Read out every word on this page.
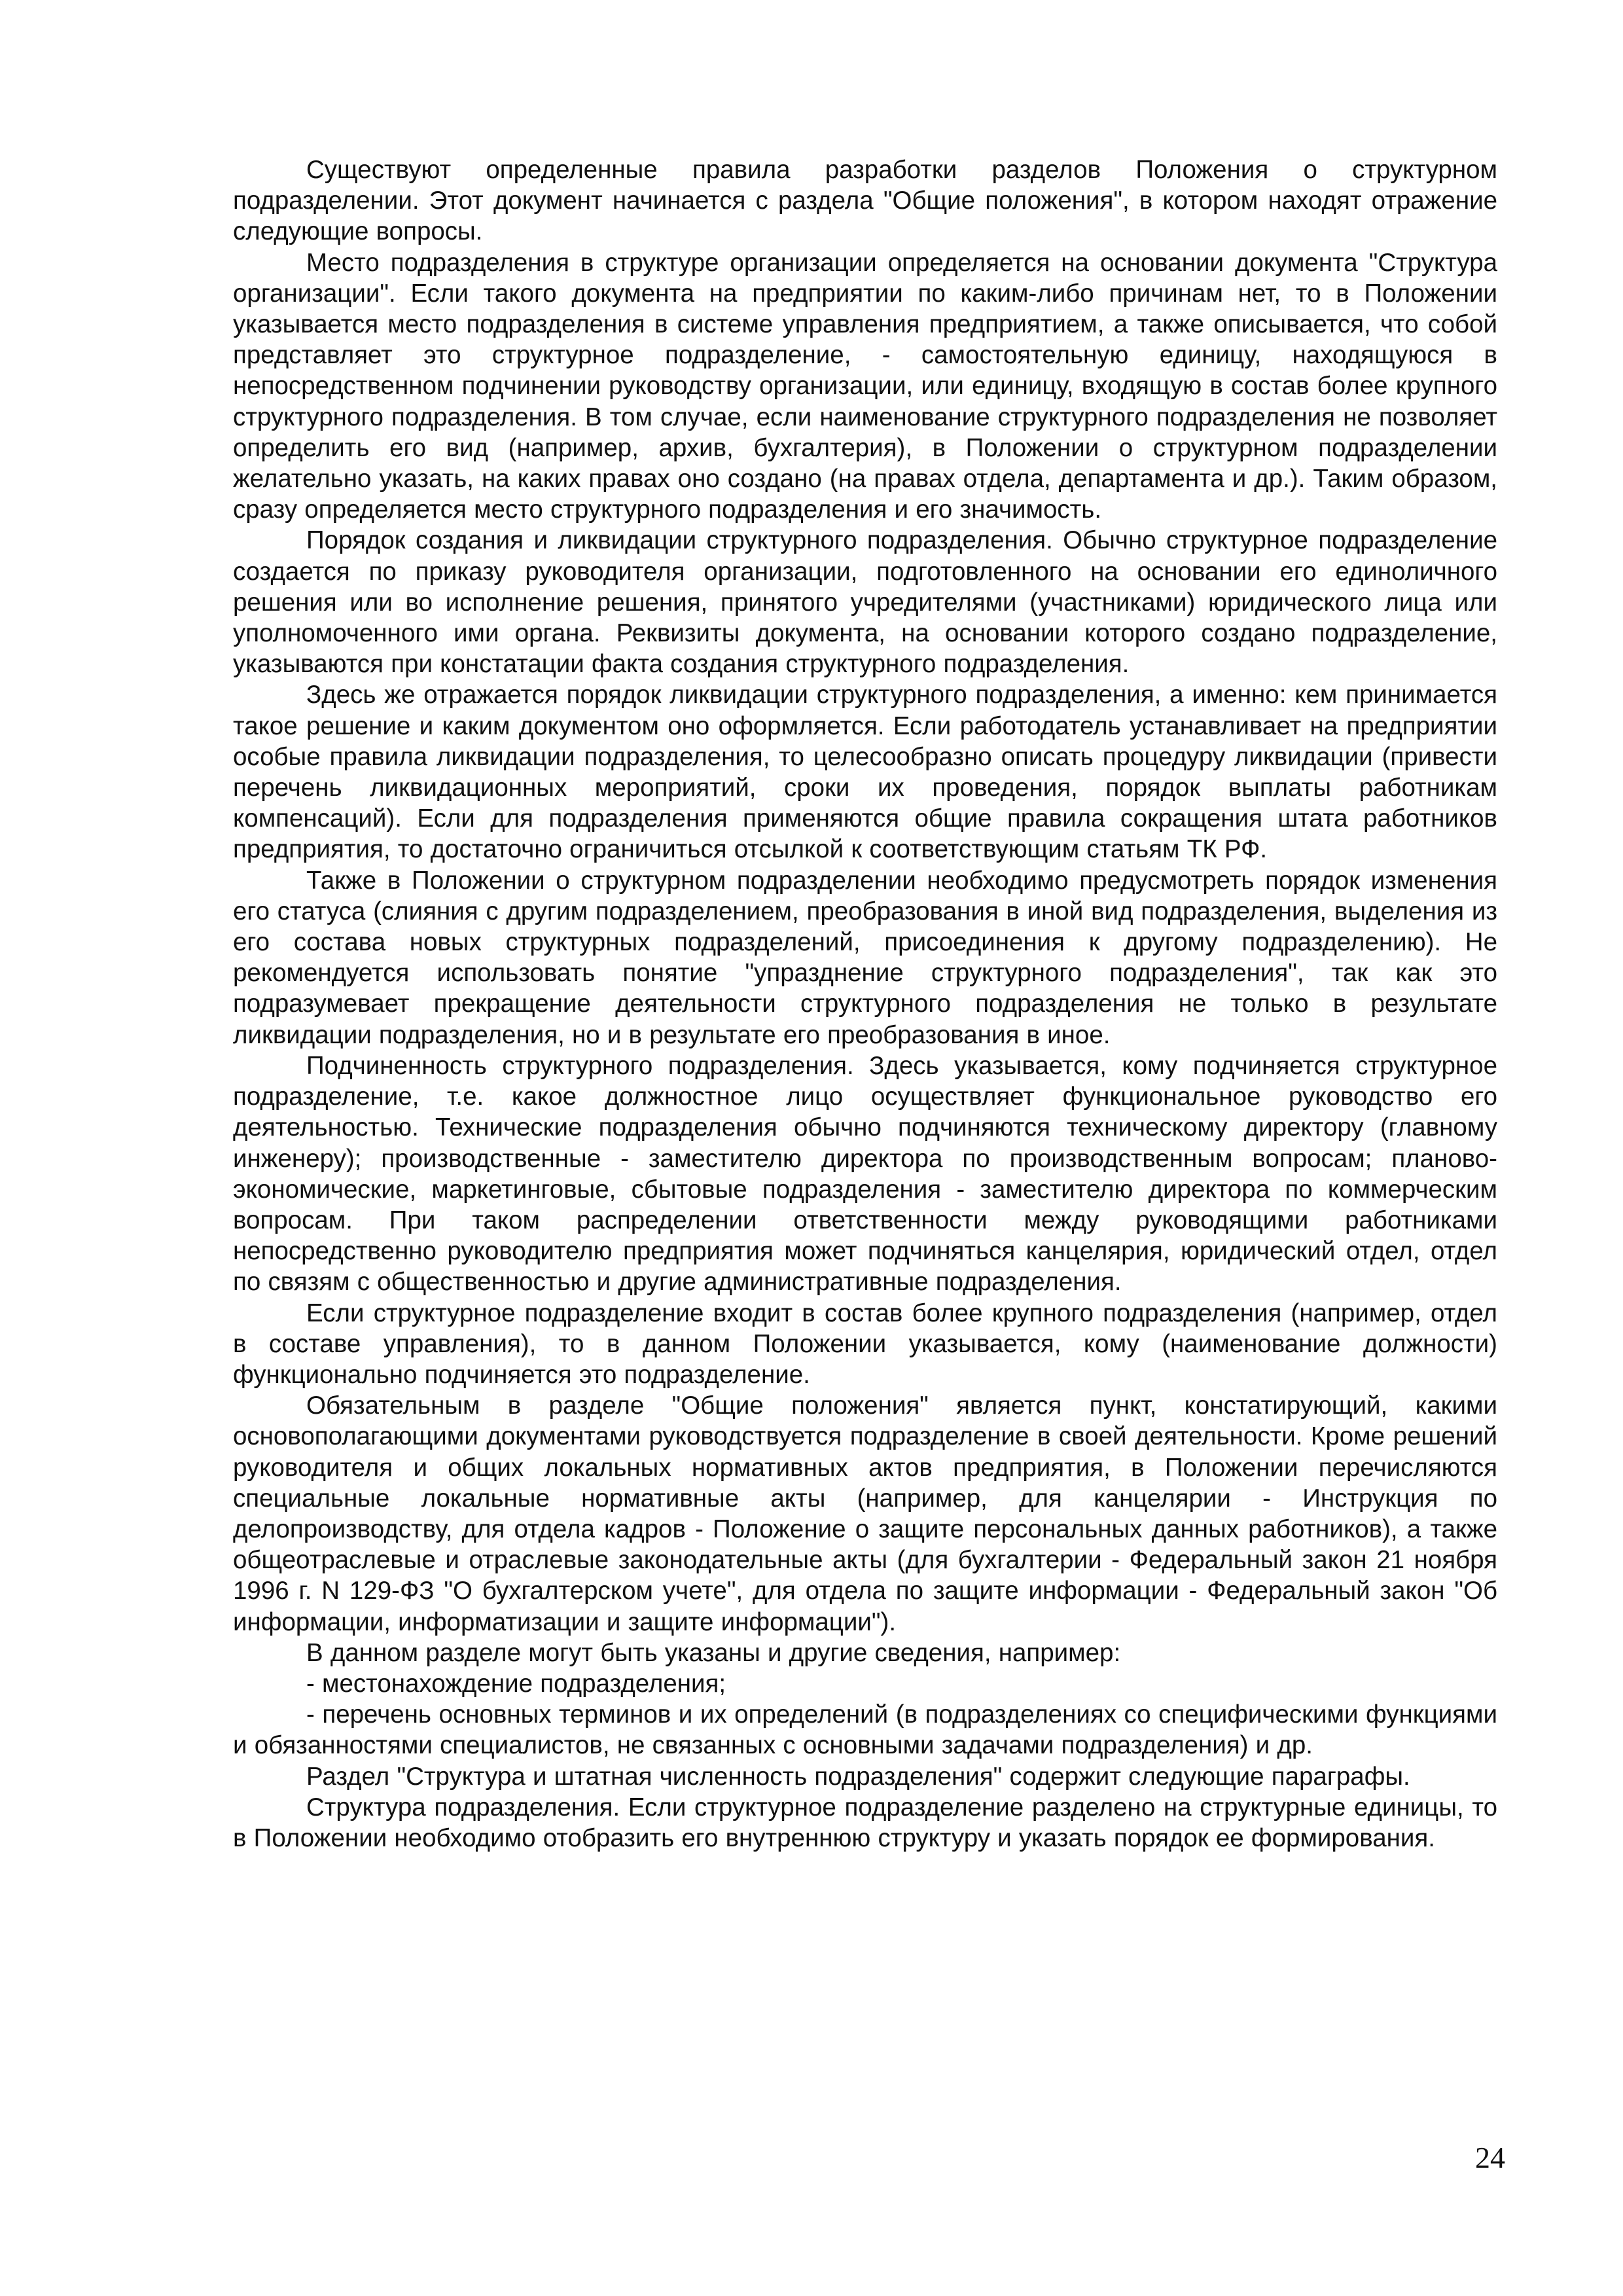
Существуют определенные правила разработки разделов Положения о структурном подразделении. Этот документ начинается с раздела "Общие положения", в котором находят отражение следующие вопросы.

Место подразделения в структуре организации определяется на основании документа "Структура организации". Если такого документа на предприятии по каким-либо причинам нет, то в Положении указывается место подразделения в системе управления предприятием, а также описывается, что собой представляет это структурное подразделение, - самостоятельную единицу, находящуюся в непосредственном подчинении руководству организации, или единицу, входящую в состав более крупного структурного подразделения. В том случае, если наименование структурного подразделения не позволяет определить его вид (например, архив, бухгалтерия), в Положении о структурном подразделении желательно указать, на каких правах оно создано (на правах отдела, департамента и др.). Таким образом, сразу определяется место структурного подразделения и его значимость.

Порядок создания и ликвидации структурного подразделения. Обычно структурное подразделение создается по приказу руководителя организации, подготовленного на основании его единоличного решения или во исполнение решения, принятого учредителями (участниками) юридического лица или уполномоченного ими органа. Реквизиты документа, на основании которого создано подразделение, указываются при констатации факта создания структурного подразделения.

Здесь же отражается порядок ликвидации структурного подразделения, а именно: кем принимается такое решение и каким документом оно оформляется. Если работодатель устанавливает на предприятии особые правила ликвидации подразделения, то целесообразно описать процедуру ликвидации (привести перечень ликвидационных мероприятий, сроки их проведения, порядок выплаты работникам компенсаций). Если для подразделения применяются общие правила сокращения штата работников предприятия, то достаточно ограничиться отсылкой к соответствующим статьям ТК РФ.

Также в Положении о структурном подразделении необходимо предусмотреть порядок изменения его статуса (слияния с другим подразделением, преобразования в иной вид подразделения, выделения из его состава новых структурных подразделений, присоединения к другому подразделению). Не рекомендуется использовать понятие "упразднение структурного подразделения", так как это подразумевает прекращение деятельности структурного подразделения не только в результате ликвидации подразделения, но и в результате его преобразования в иное.

Подчиненность структурного подразделения. Здесь указывается, кому подчиняется структурное подразделение, т.е. какое должностное лицо осуществляет функциональное руководство его деятельностью. Технические подразделения обычно подчиняются техническому директору (главному инженеру); производственные - заместителю директора по производственным вопросам; планово-экономические, маркетинговые, сбытовые подразделения - заместителю директора по коммерческим вопросам. При таком распределении ответственности между руководящими работниками непосредственно руководителю предприятия может подчиняться канцелярия, юридический отдел, отдел по связям с общественностью и другие административные подразделения.

Если структурное подразделение входит в состав более крупного подразделения (например, отдел в составе управления), то в данном Положении указывается, кому (наименование должности) функционально подчиняется это подразделение.

Обязательным в разделе "Общие положения" является пункт, констатирующий, какими основополагающими документами руководствуется подразделение в своей деятельности. Кроме решений руководителя и общих локальных нормативных актов предприятия, в Положении перечисляются специальные локальные нормативные акты (например, для канцелярии - Инструкция по делопроизводству, для отдела кадров - Положение о защите персональных данных работников), а также общеотраслевые и отраслевые законодательные акты (для бухгалтерии - Федеральный закон 21 ноября 1996 г. N 129-ФЗ "О бухгалтерском учете", для отдела по защите информации - Федеральный закон "Об информации, информатизации и защите информации").

В данном разделе могут быть указаны и другие сведения, например:

- местонахождение подразделения;

- перечень основных терминов и их определений (в подразделениях со специфическими функциями и обязанностями специалистов, не связанных с основными задачами подразделения) и др.

Раздел "Структура и штатная численность подразделения" содержит следующие параграфы.

Структура подразделения. Если структурное подразделение разделено на структурные единицы, то в Положении необходимо отобразить его внутреннюю структуру и указать порядок ее формирования.

24
